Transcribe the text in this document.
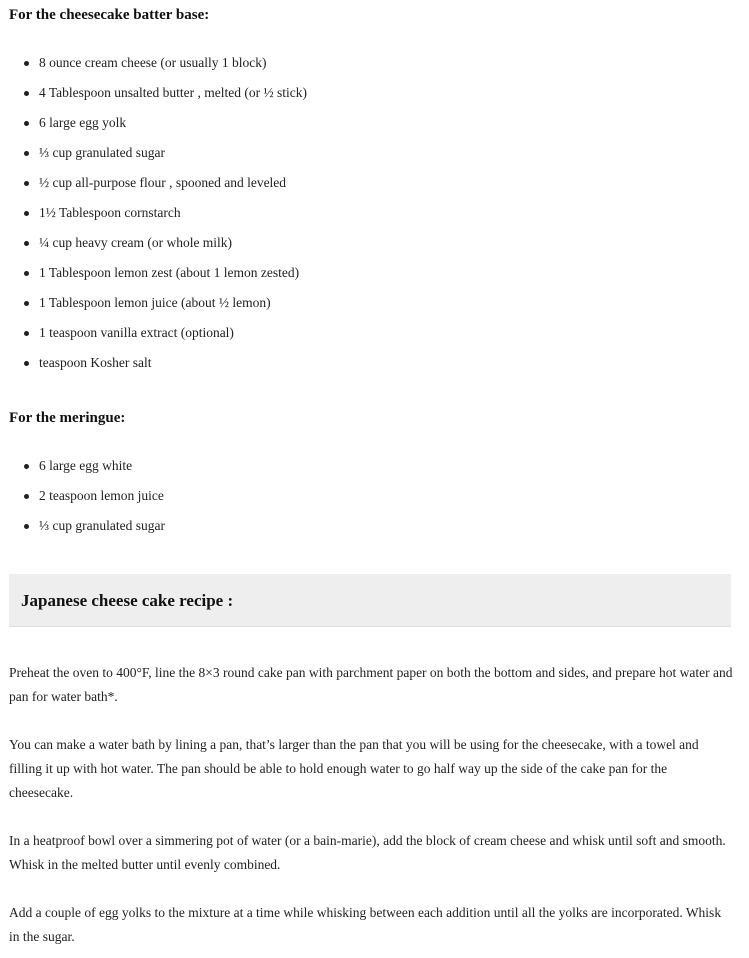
For the cheesecake batter base:
8 ounce cream cheese (or usually 1 block)
4 Tablespoon unsalted butter , melted (or ½ stick)
6 large egg yolk
⅓ cup granulated sugar
½ cup all-purpose flour , spooned and leveled
1½ Tablespoon cornstarch
¼ cup heavy cream (or whole milk)
1 Tablespoon lemon zest (about 1 lemon zested)
1 Tablespoon lemon juice (about ½ lemon)
1 teaspoon vanilla extract (optional)
teaspoon Kosher salt
For the meringue:
6 large egg white
2 teaspoon lemon juice
⅓ cup granulated sugar
Japanese cheese cake recipe :

Preheat the oven to 400°F, line the 8×3 round cake pan with parchment paper on both the bottom and sides, and prepare hot water and pan for water bath*.

You can make a water bath by lining a pan, that’s larger than the pan that you will be using for the cheesecake, with a towel and filling it up with hot water. The pan should be able to hold enough water to go half way up the side of the cake pan for the cheesecake.

In a heatproof bowl over a simmering pot of water (or a bain-marie), add the block of cream cheese and whisk until soft and smooth. Whisk in the melted butter until evenly combined.

Add a couple of egg yolks to the mixture at a time while whisking between each addition until all the yolks are incorporated. Whisk in the sugar.
